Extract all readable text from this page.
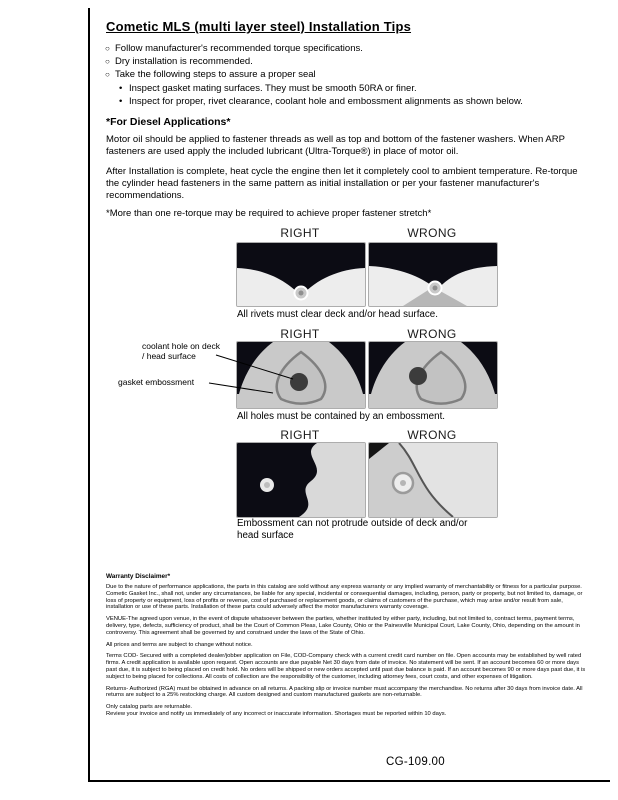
Cometic MLS (multi layer steel) Installation Tips
○ Follow manufacturer's recommended torque specifications.
○ Dry installation is recommended.
○ Take the following steps to assure a proper seal
• Inspect gasket mating surfaces. They must be smooth 50RA or finer.
• Inspect for proper, rivet clearance, coolant hole and embossment alignments as shown below.
*For Diesel Applications*

Motor oil should be applied to fastener threads as well as top and bottom of the fastener washers. When ARP fasteners are used apply the included lubricant (Ultra-Torque®) in place of motor oil.

After Installation is complete, heat cycle the engine then let it completely cool to ambient temperature. Re-torque the cylinder head fasteners in the same pattern as initial installation or per your fastener manufacturer's recommendations.

*More than one re-torque may be required to achieve proper fastener stretch*

RIGHT	WRONG

All rivets must clear deck and/or head surface.

RIGHT	WRONG
coolant hole on deck / head surface
gasket embossment

All holes must be contained by an embossment.

RIGHT	WRONG

Embossment can not protrude outside of deck and/or head surface

Warranty Disclaimer*

Due to the nature of performance applications, the parts in this catalog are sold without any express warranty or any implied warranty of merchantability or fitness for a particular purpose. Cometic Gasket Inc., shall not, under any circumstances, be liable for any special, incidental or consequential damages, including, person, party or property, but not limited to, damage, or loss of property or equipment, loss of profits or revenue, cost of purchased or replacement goods, or claims of customers of the purchase, which may arise and/or result from sale, installation or use of these parts. Installation of these parts could adversely affect the motor manufacturers warranty coverage.

VENUE-The agreed upon venue, in the event of dispute whatsoever between the parties, whether instituted by either party, including, but not limited to, contract terms, payment terms, delivery, type, defects, sufficiency of product, shall be the Court of Common Pleas, Lake County, Ohio or the Painesville Municipal Court, Lake County, Ohio, depending on the amount in controversy. This agreement shall be governed by and construed under the laws of the State of Ohio.

All prices and terms are subject to change without notice.

Terms COD- Secured with a completed dealer/jobber application on File, COD-Company check with a current credit card number on file. Open accounts may be established by well rated firms. A credit application is available upon request. Open accounts are due payable Net 30 days from date of invoice. No statement will be sent. If an account becomes 60 or more days past due, it is subject to being placed on credit hold. No orders will be shipped or new orders accepted until past due balance is paid. If an account becomes 90 or more days past due, it is subject to being placed for collections. All costs of collection are the responsibility of the customer, including attorney fees, court costs, and other expenses of litigation.

Returns- Authorized (RGA) must be obtained in advance on all returns. A packing slip or invoice number must accompany the merchandise. No returns after 30 days from invoice date. All returns are subject to a 25% restocking charge. All custom designed and custom manufactured gaskets are non-returnable.

Only catalog parts are returnable.

Review your invoice and notify us immediately of any incorrect or inaccurate information. Shortages must be reported within 10 days.

CG-109.00
